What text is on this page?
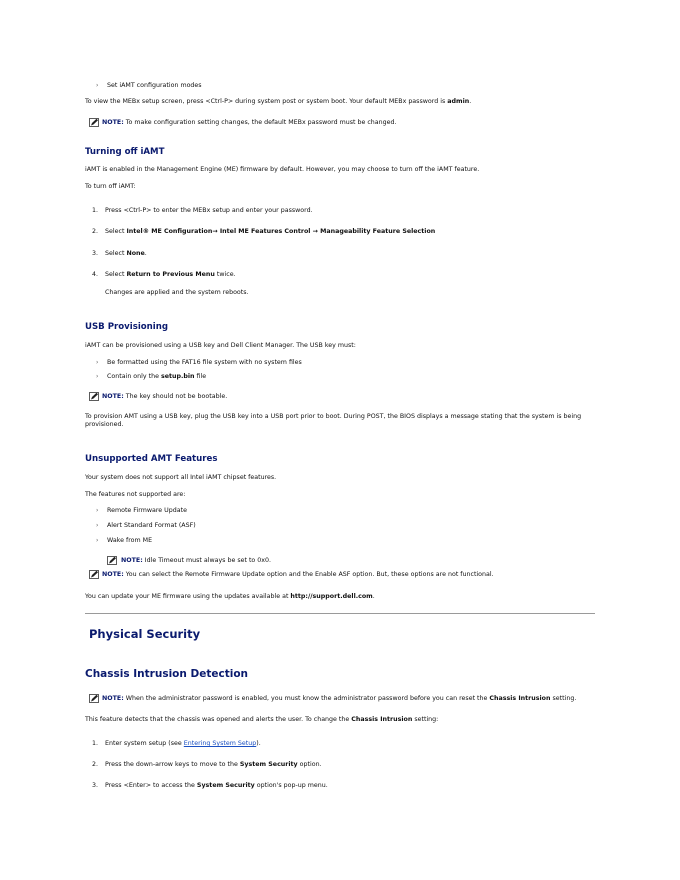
› Set iAMT configuration modes
To view the MEBx setup screen, press <Ctrl-P> during system post or system boot. Your default MEBx password is admin.
NOTE: To make configuration setting changes, the default MEBx password must be changed.
Turning off iAMT
iAMT is enabled in the Management Engine (ME) firmware by default. However, you may choose to turn off the iAMT feature.
To turn off iAMT:
1. Press <Ctrl-P> to enter the MEBx setup and enter your password.
2. Select Intel® ME Configuration→ Intel ME Features Control → Manageability Feature Selection
3. Select None.
4. Select Return to Previous Menu twice.
Changes are applied and the system reboots.
USB Provisioning
iAMT can be provisioned using a USB key and Dell Client Manager. The USB key must:
› Be formatted using the FAT16 file system with no system files
› Contain only the setup.bin file
NOTE: The key should not be bootable.
To provision AMT using a USB key, plug the USB key into a USB port prior to boot. During POST, the BIOS displays a message stating that the system is being provisioned.
Unsupported AMT Features
Your system does not support all Intel iAMT chipset features.
The features not supported are:
› Remote Firmware Update
› Alert Standard Format (ASF)
› Wake from ME
NOTE: Idle Timeout must always be set to 0x0.
NOTE: You can select the Remote Firmware Update option and the Enable ASF option. But, these options are not functional.
You can update your ME firmware using the updates available at http://support.dell.com.
Physical Security
Chassis Intrusion Detection
NOTE: When the administrator password is enabled, you must know the administrator password before you can reset the Chassis Intrusion setting.
This feature detects that the chassis was opened and alerts the user. To change the Chassis Intrusion setting:
1. Enter system setup (see Entering System Setup).
2. Press the down-arrow keys to move to the System Security option.
3. Press <Enter> to access the System Security option's pop-up menu.
